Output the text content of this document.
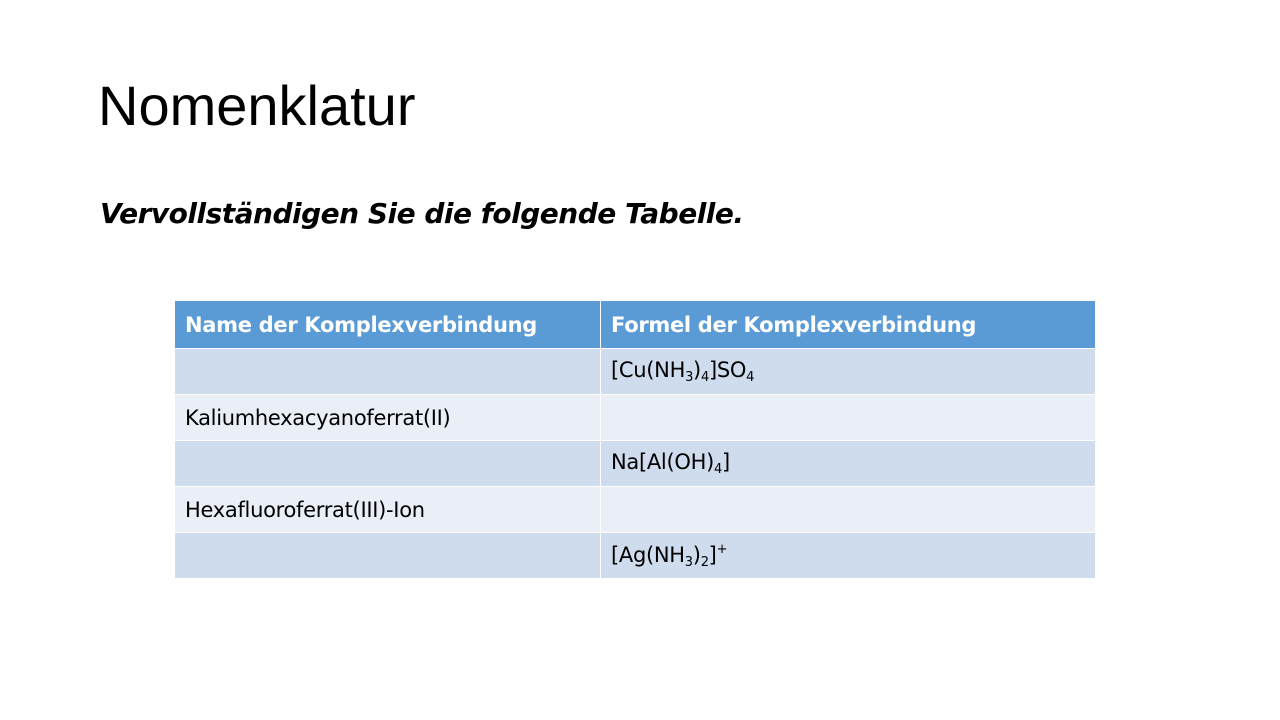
Nomenklatur

Vervollständigen Sie die folgende Tabelle.

Name der Komplexverbindung	Formel der Komplexverbindung
	$[Cu(NH_3)_4]SO_4$
Kaliumhexacyanoferrat(II)	
	$Na[Al(OH)_4]$
Hexafluoroferrat(III)-Ion	
	$[Ag(NH_3)_2]^+$
